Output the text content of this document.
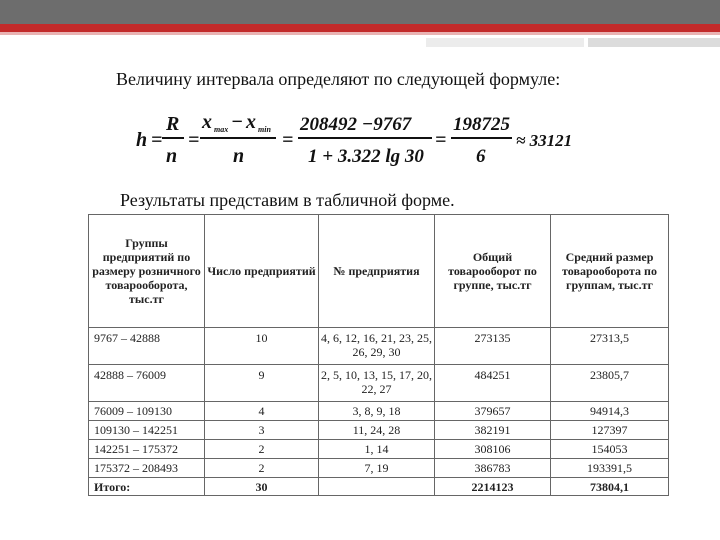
Величину интервала определяют по следующей формуле:
h =
R
n
=
x max − x min
n
=
208492 −9767
1 + 3.322 lg 30
=
198725
6
≈ 33121
Результаты представим в табличной форме.
Группы предприятий по размеру розничного товарооборота, тыс.тг	Число предприятий	№ предприятия	Общий товарооборот по группе, тыс.тг	Средний размер товарооборота по группам, тыс.тг
9767 – 42888	10	4, 6, 12, 16, 21, 23, 25, 26, 29, 30	273135	27313,5
42888 – 76009	9	2, 5, 10, 13, 15, 17, 20, 22, 27	484251	23805,7
76009 – 109130	4	3, 8, 9, 18	379657	94914,3
109130 – 142251	3	11, 24, 28	382191	127397
142251 – 175372	2	1, 14	308106	154053
175372 – 208493	2	7, 19	386783	193391,5
Итого:	30		2214123	73804,1
